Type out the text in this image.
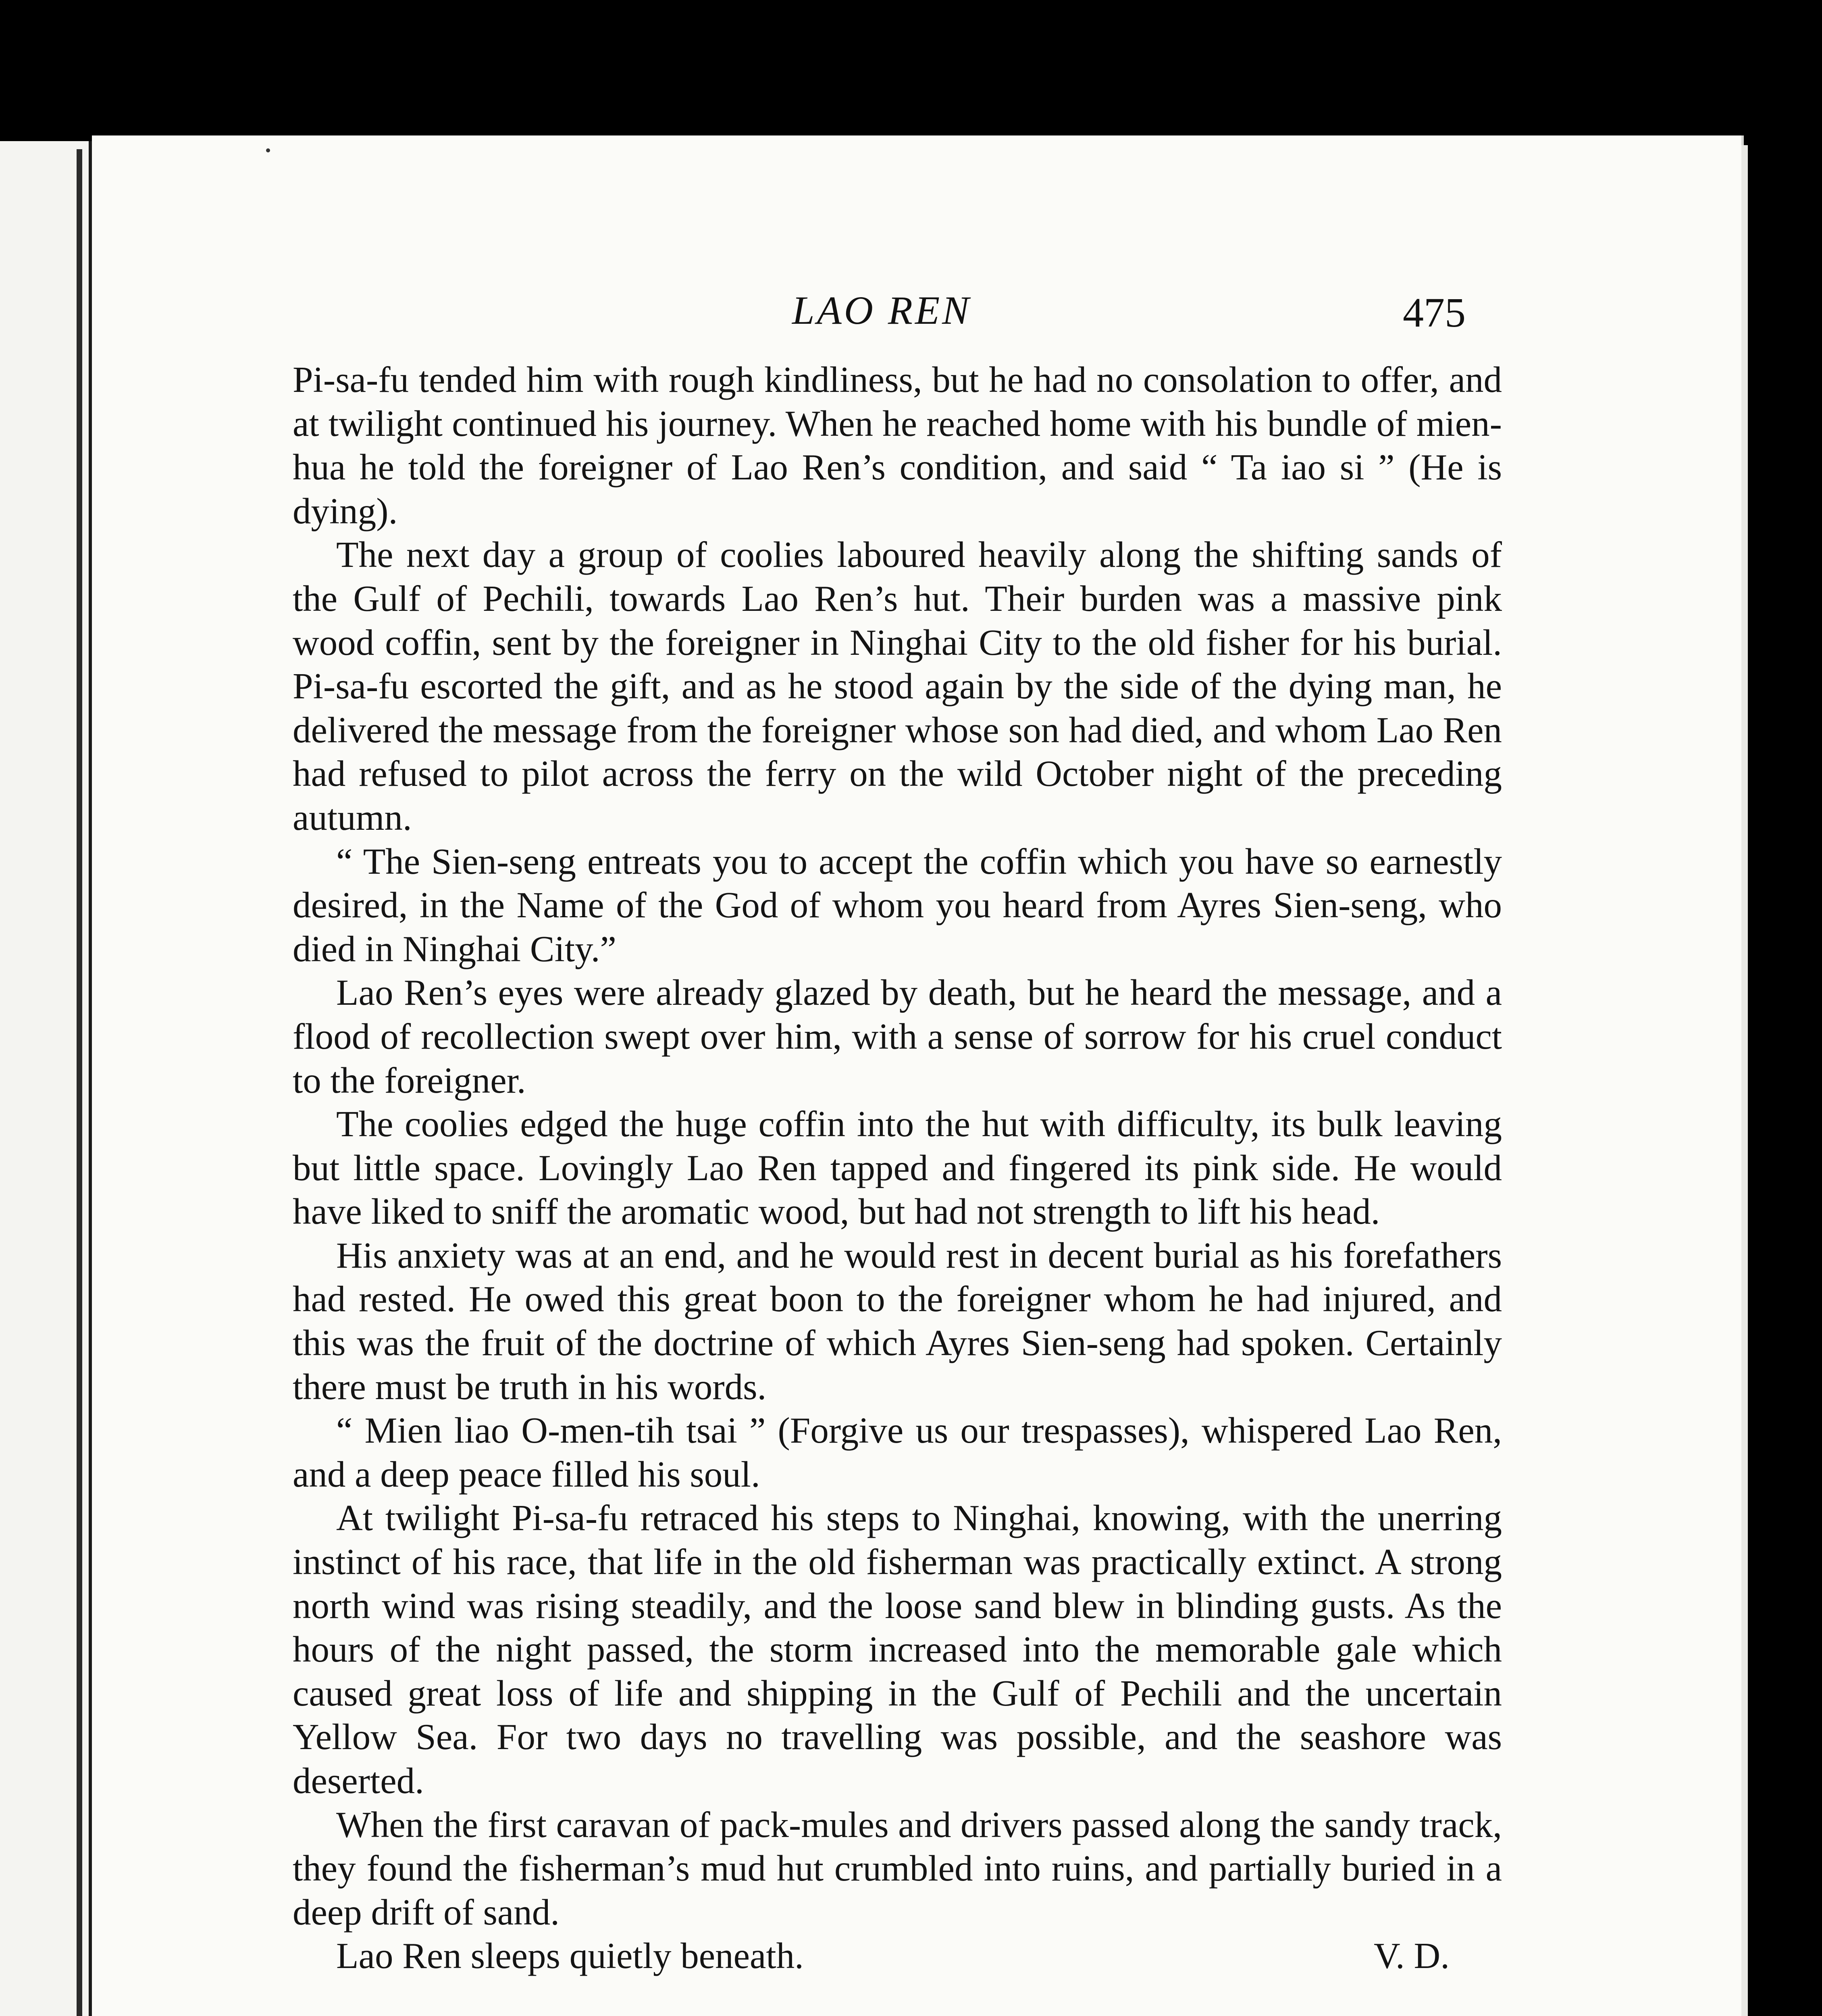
LAO REN	475

Pi-sa-fu tended him with rough kindliness, but he had no consolation to offer, and at twilight continued his journey. When he reached home with his bundle of mien-hua he told the foreigner of Lao Ren’s condition, and said “ Ta iao si ” (He is dying).

The next day a group of coolies laboured heavily along the shifting sands of the Gulf of Pechili, towards Lao Ren’s hut. Their burden was a massive pink wood coffin, sent by the foreigner in Ninghai City to the old fisher for his burial. Pi-sa-fu escorted the gift, and as he stood again by the side of the dying man, he delivered the message from the foreigner whose son had died, and whom Lao Ren had refused to pilot across the ferry on the wild October night of the preceding autumn.

“ The Sien-seng entreats you to accept the coffin which you have so earnestly desired, in the Name of the God of whom you heard from Ayres Sien-seng, who died in Ninghai City.”

Lao Ren’s eyes were already glazed by death, but he heard the message, and a flood of recollection swept over him, with a sense of sorrow for his cruel conduct to the foreigner.

The coolies edged the huge coffin into the hut with difficulty, its bulk leaving but little space. Lovingly Lao Ren tapped and fingered its pink side. He would have liked to sniff the aromatic wood, but had not strength to lift his head.

His anxiety was at an end, and he would rest in decent burial as his forefathers had rested. He owed this great boon to the foreigner whom he had injured, and this was the fruit of the doctrine of which Ayres Sien-seng had spoken. Certainly there must be truth in his words.

“ Mien liao O-men-tih tsai ” (Forgive us our trespasses), whispered Lao Ren, and a deep peace filled his soul.

At twilight Pi-sa-fu retraced his steps to Ninghai, knowing, with the unerring instinct of his race, that life in the old fisherman was practically extinct. A strong north wind was rising steadily, and the loose sand blew in blinding gusts. As the hours of the night passed, the storm increased into the memorable gale which caused great loss of life and shipping in the Gulf of Pechili and the uncertain Yellow Sea. For two days no travelling was possible, and the seashore was deserted.

When the first caravan of pack-mules and drivers passed along the sandy track, they found the fisherman’s mud hut crumbled into ruins, and partially buried in a deep drift of sand.

Lao Ren sleeps quietly beneath.	V. D.
